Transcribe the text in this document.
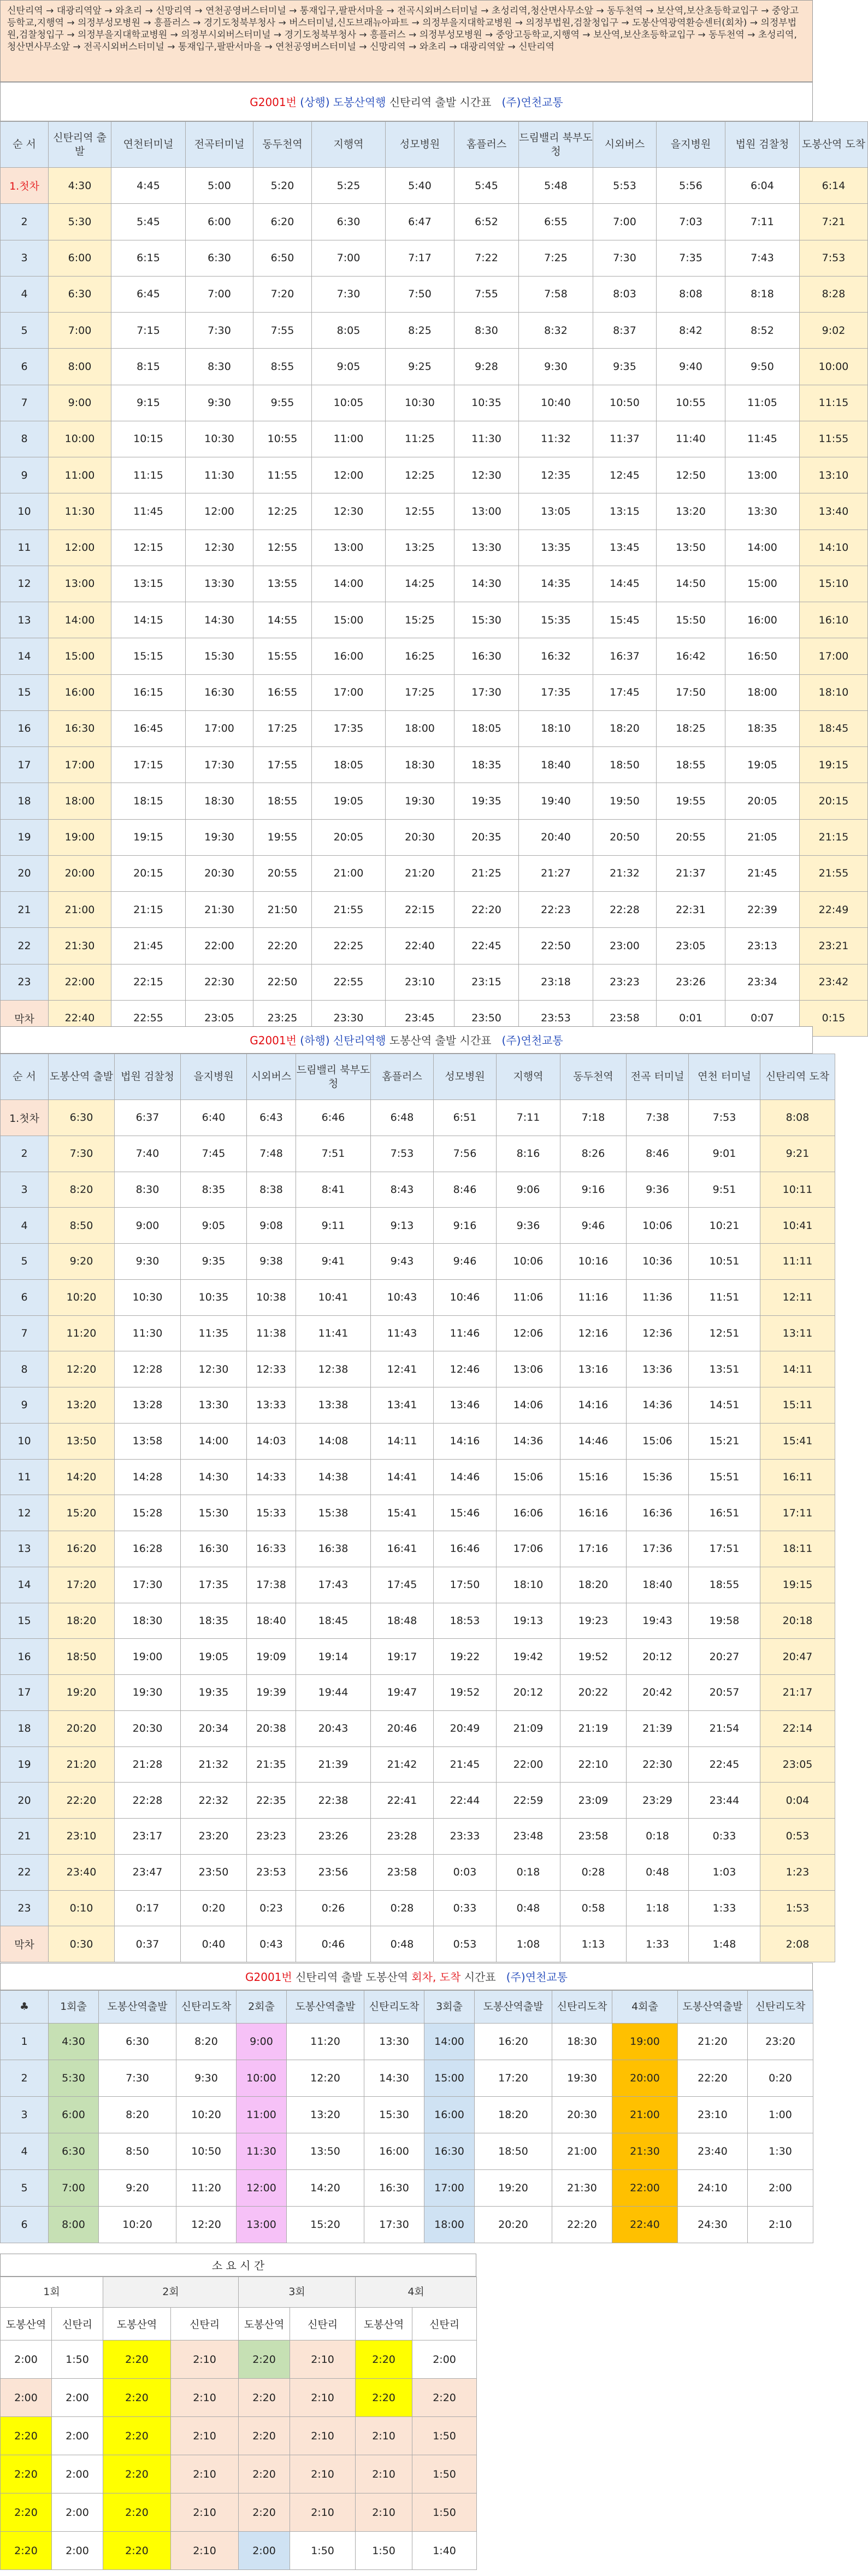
신탄리역 → 대광리역앞 → 와초리 → 신망리역 → 연천공영버스터미널 → 통재입구,팔판서마을 → 전곡시외버스터미널 → 초성리역,청산면사무소앞 → 동두천역 → 보산역,보산초등학교입구 → 중앙고등학교,지행역 → 의정부성모병원 → 흥플러스 → 경기도청북부청사 → 버스터미널,신도브래뉴아파트 → 의정부을지대학교병원 → 의정부법원,검찰청입구 → 도봉산역광역환승센터(회차) → 의정부법원,검찰청입구 → 의정부을지대학교병원 → 의정부시외버스터미널 → 경기도청북부청사 → 흥플러스 → 의정부성모병원 → 중앙고등학교,지행역 → 보산역,보산초등학교입구 → 동두천역 → 초성리역,청산면사무소앞 → 전곡시외버스터미널 → 통재입구,팔판서마을 → 연천공영버스터미널 → 신망리역 → 와초리 → 대광리역앞 → 신탄리역
G2001번 (상행) 도봉산역행 신탄리역 출발 시간표 (주)연천교통
순 서	신탄리역 출발	연천터미널	전곡터미널	동두천역	지행역	성모병원	홈플러스	드림밸리 북부도청	시외버스	을지병원	법원 검찰청	도봉산역 도착
1.첫차	4:30	4:45	5:00	5:20	5:25	5:40	5:45	5:48	5:53	5:56	6:04	6:14
2	5:30	5:45	6:00	6:20	6:30	6:47	6:52	6:55	7:00	7:03	7:11	7:21
3	6:00	6:15	6:30	6:50	7:00	7:17	7:22	7:25	7:30	7:35	7:43	7:53
4	6:30	6:45	7:00	7:20	7:30	7:50	7:55	7:58	8:03	8:08	8:18	8:28
5	7:00	7:15	7:30	7:55	8:05	8:25	8:30	8:32	8:37	8:42	8:52	9:02
6	8:00	8:15	8:30	8:55	9:05	9:25	9:28	9:30	9:35	9:40	9:50	10:00
7	9:00	9:15	9:30	9:55	10:05	10:30	10:35	10:40	10:50	10:55	11:05	11:15
8	10:00	10:15	10:30	10:55	11:00	11:25	11:30	11:32	11:37	11:40	11:45	11:55
9	11:00	11:15	11:30	11:55	12:00	12:25	12:30	12:35	12:45	12:50	13:00	13:10
10	11:30	11:45	12:00	12:25	12:30	12:55	13:00	13:05	13:15	13:20	13:30	13:40
11	12:00	12:15	12:30	12:55	13:00	13:25	13:30	13:35	13:45	13:50	14:00	14:10
12	13:00	13:15	13:30	13:55	14:00	14:25	14:30	14:35	14:45	14:50	15:00	15:10
13	14:00	14:15	14:30	14:55	15:00	15:25	15:30	15:35	15:45	15:50	16:00	16:10
14	15:00	15:15	15:30	15:55	16:00	16:25	16:30	16:32	16:37	16:42	16:50	17:00
15	16:00	16:15	16:30	16:55	17:00	17:25	17:30	17:35	17:45	17:50	18:00	18:10
16	16:30	16:45	17:00	17:25	17:35	18:00	18:05	18:10	18:20	18:25	18:35	18:45
17	17:00	17:15	17:30	17:55	18:05	18:30	18:35	18:40	18:50	18:55	19:05	19:15
18	18:00	18:15	18:30	18:55	19:05	19:30	19:35	19:40	19:50	19:55	20:05	20:15
19	19:00	19:15	19:30	19:55	20:05	20:30	20:35	20:40	20:50	20:55	21:05	21:15
20	20:00	20:15	20:30	20:55	21:00	21:20	21:25	21:27	21:32	21:37	21:45	21:55
21	21:00	21:15	21:30	21:50	21:55	22:15	22:20	22:23	22:28	22:31	22:39	22:49
22	21:30	21:45	22:00	22:20	22:25	22:40	22:45	22:50	23:00	23:05	23:13	23:21
23	22:00	22:15	22:30	22:50	22:55	23:10	23:15	23:18	23:23	23:26	23:34	23:42
막차	22:40	22:55	23:05	23:25	23:30	23:45	23:50	23:53	23:58	0:01	0:07	0:15
G2001번 (하행) 신탄리역행 도봉산역 출발 시간표 (주)연천교통
순 서	도봉산역 출발	법원 검찰청	을지병원	시외버스	드림밸리 북부도청	홈플러스	성모병원	지행역	동두천역	전곡 터미널	연천 터미널	신탄리역 도착
1.첫차	6:30	6:37	6:40	6:43	6:46	6:48	6:51	7:11	7:18	7:38	7:53	8:08
2	7:30	7:40	7:45	7:48	7:51	7:53	7:56	8:16	8:26	8:46	9:01	9:21
3	8:20	8:30	8:35	8:38	8:41	8:43	8:46	9:06	9:16	9:36	9:51	10:11
4	8:50	9:00	9:05	9:08	9:11	9:13	9:16	9:36	9:46	10:06	10:21	10:41
5	9:20	9:30	9:35	9:38	9:41	9:43	9:46	10:06	10:16	10:36	10:51	11:11
6	10:20	10:30	10:35	10:38	10:41	10:43	10:46	11:06	11:16	11:36	11:51	12:11
7	11:20	11:30	11:35	11:38	11:41	11:43	11:46	12:06	12:16	12:36	12:51	13:11
8	12:20	12:28	12:30	12:33	12:38	12:41	12:46	13:06	13:16	13:36	13:51	14:11
9	13:20	13:28	13:30	13:33	13:38	13:41	13:46	14:06	14:16	14:36	14:51	15:11
10	13:50	13:58	14:00	14:03	14:08	14:11	14:16	14:36	14:46	15:06	15:21	15:41
11	14:20	14:28	14:30	14:33	14:38	14:41	14:46	15:06	15:16	15:36	15:51	16:11
12	15:20	15:28	15:30	15:33	15:38	15:41	15:46	16:06	16:16	16:36	16:51	17:11
13	16:20	16:28	16:30	16:33	16:38	16:41	16:46	17:06	17:16	17:36	17:51	18:11
14	17:20	17:30	17:35	17:38	17:43	17:45	17:50	18:10	18:20	18:40	18:55	19:15
15	18:20	18:30	18:35	18:40	18:45	18:48	18:53	19:13	19:23	19:43	19:58	20:18
16	18:50	19:00	19:05	19:09	19:14	19:17	19:22	19:42	19:52	20:12	20:27	20:47
17	19:20	19:30	19:35	19:39	19:44	19:47	19:52	20:12	20:22	20:42	20:57	21:17
18	20:20	20:30	20:34	20:38	20:43	20:46	20:49	21:09	21:19	21:39	21:54	22:14
19	21:20	21:28	21:32	21:35	21:39	21:42	21:45	22:00	22:10	22:30	22:45	23:05
20	22:20	22:28	22:32	22:35	22:38	22:41	22:44	22:59	23:09	23:29	23:44	0:04
21	23:10	23:17	23:20	23:23	23:26	23:28	23:33	23:48	23:58	0:18	0:33	0:53
22	23:40	23:47	23:50	23:53	23:56	23:58	0:03	0:18	0:28	0:48	1:03	1:23
23	0:10	0:17	0:20	0:23	0:26	0:28	0:33	0:48	0:58	1:18	1:33	1:53
막차	0:30	0:37	0:40	0:43	0:46	0:48	0:53	1:08	1:13	1:33	1:48	2:08
G2001번 신탄리역 출발 도봉산역 회차, 도착 시간표 (주)연천교통
♣	1회출	도봉산역출발	신탄리도착	2회출	도봉산역출발	신탄리도착	3회출	도봉산역출발	신탄리도착	4회출	도봉산역출발	신탄리도착
1	4:30	6:30	8:20	9:00	11:20	13:30	14:00	16:20	18:30	19:00	21:20	23:20
2	5:30	7:30	9:30	10:00	12:20	14:30	15:00	17:20	19:30	20:00	22:20	0:20
3	6:00	8:20	10:20	11:00	13:20	15:30	16:00	18:20	20:30	21:00	23:10	1:00
4	6:30	8:50	10:50	11:30	13:50	16:00	16:30	18:50	21:00	21:30	23:40	1:30
5	7:00	9:20	11:20	12:00	14:20	16:30	17:00	19:20	21:30	22:00	24:10	2:00
6	8:00	10:20	12:20	13:00	15:20	17:30	18:00	20:20	22:20	22:40	24:30	2:10
소 요 시 간
1회		2회		3회		4회	
도봉산역	신탄리	도봉산역	신탄리	도봉산역	신탄리	도봉산역	신탄리
2:00	1:50	2:20	2:10	2:20	2:10	2:20	2:00
2:00	2:00	2:20	2:10	2:20	2:10	2:20	2:20
2:20	2:00	2:20	2:10	2:20	2:10	2:10	1:50
2:20	2:00	2:20	2:10	2:20	2:10	2:10	1:50
2:20	2:00	2:20	2:10	2:20	2:10	2:10	1:50
2:20	2:00	2:20	2:10	2:00	1:50	1:50	1:40
